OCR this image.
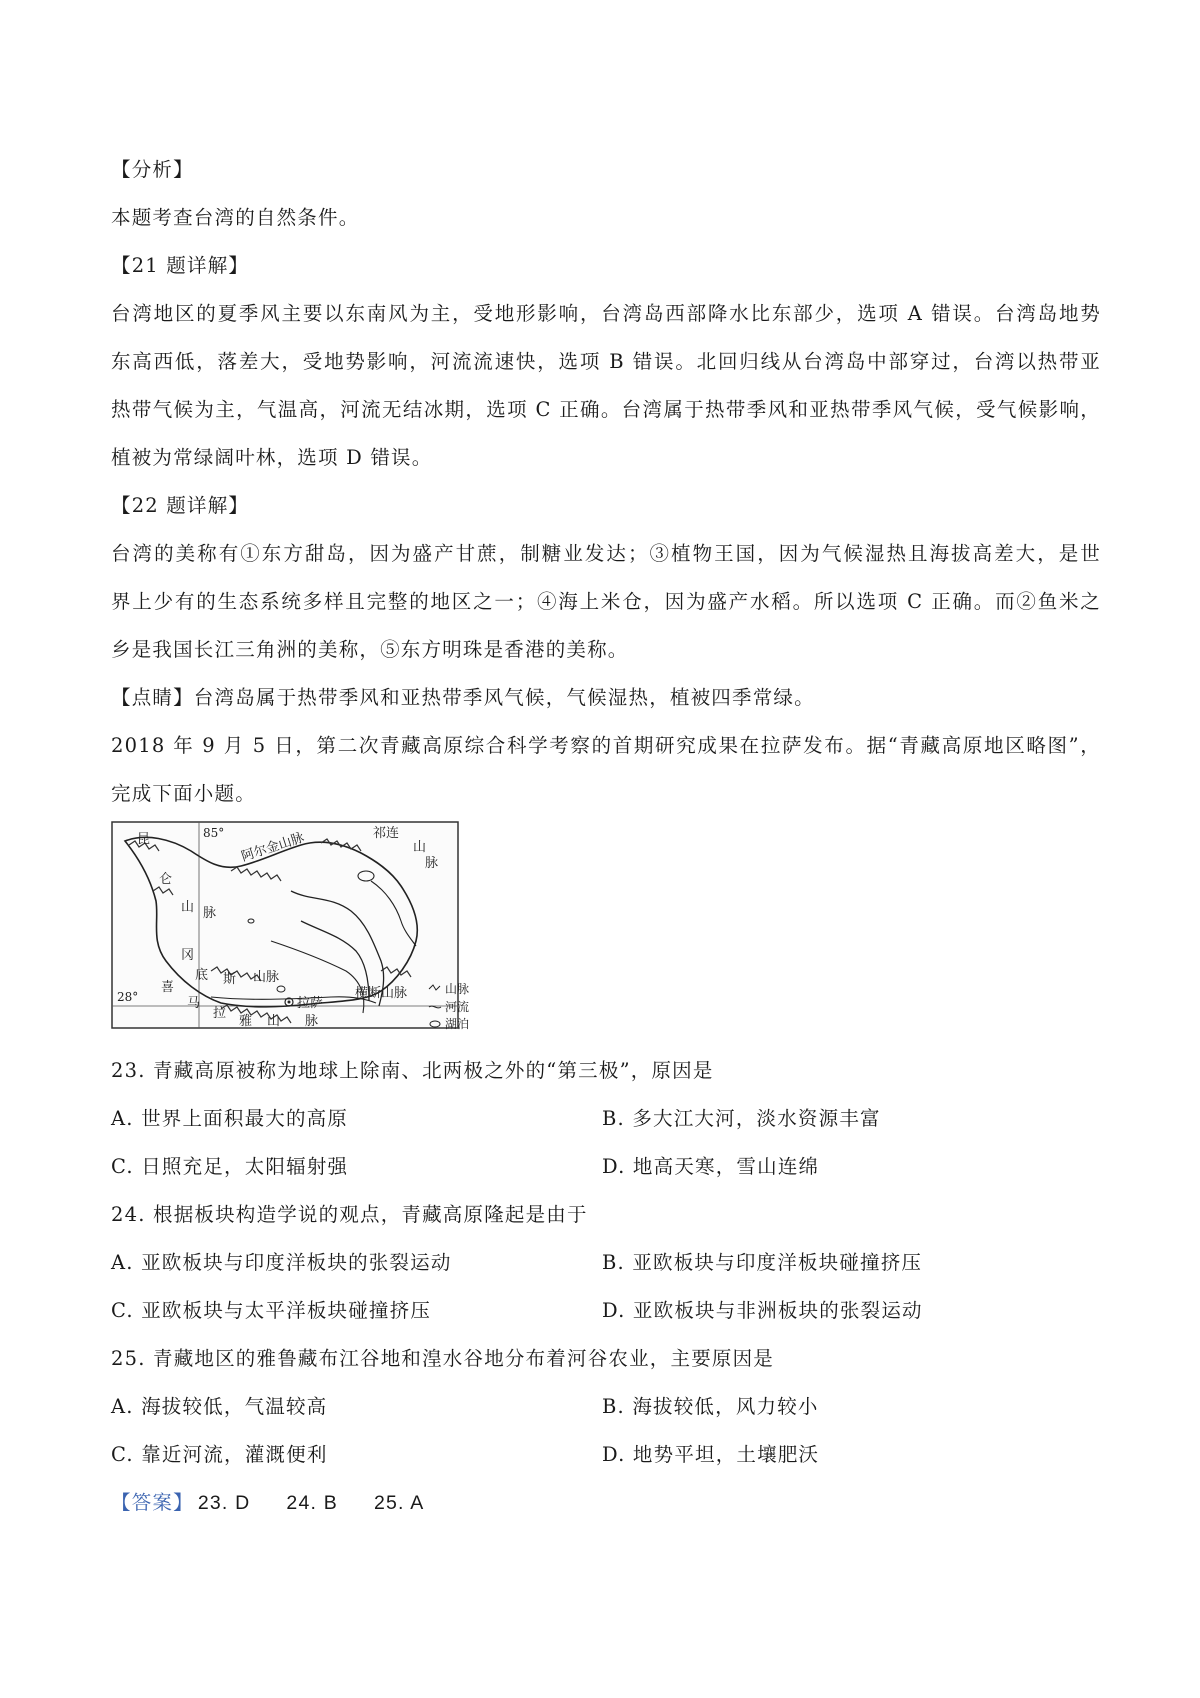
【分析】
本题考查台湾的自然条件。
【21 题详解】
台湾地区的夏季风主要以东南风为主，受地形影响，台湾岛西部降水比东部少，选项 A 错误。台湾岛地势
东高西低，落差大，受地势影响，河流流速快，选项 B 错误。北回归线从台湾岛中部穿过，台湾以热带亚
热带气候为主，气温高，河流无结冰期，选项 C 正确。台湾属于热带季风和亚热带季风气候，受气候影响，
植被为常绿阔叶林，选项 D 错误。
【22 题详解】
台湾的美称有①东方甜岛，因为盛产甘蔗，制糖业发达；③植物王国，因为气候湿热且海拔高差大，是世
界上少有的生态系统多样且完整的地区之一；④海上米仓，因为盛产水稻。所以选项 C 正确。而②鱼米之
乡是我国长江三角洲的美称，⑤东方明珠是香港的美称。
【点睛】台湾岛属于热带季风和亚热带季风气候，气候湿热，植被四季常绿。
2018 年 9 月 5 日，第二次青藏高原综合科学考察的首期研究成果在拉萨发布。据“青藏高原地区略图”，
完成下面小题。
昆
仑
山 脉
85° 阿尔金山脉	祁连
山
脉
冈
底 斯 山脉
28°
喜
马
拉
雅 山 脉
横断山脉
拉萨
山脉
河流
湖泊
23. 青藏高原被称为地球上除南、北两极之外的“第三极”，原因是
A. 世界上面积最大的高原	B. 多大江大河，淡水资源丰富
C. 日照充足，太阳辐射强	D. 地高天寒，雪山连绵
24. 根据板块构造学说的观点，青藏高原隆起是由于
A. 亚欧板块与印度洋板块的张裂运动	B. 亚欧板块与印度洋板块碰撞挤压
C. 亚欧板块与太平洋板块碰撞挤压	D. 亚欧板块与非洲板块的张裂运动
25. 青藏地区的雅鲁藏布江谷地和湟水谷地分布着河谷农业，主要原因是
A. 海拔较低，气温较高	B. 海拔较低，风力较小
C. 靠近河流，灌溉便利	D. 地势平坦，土壤肥沃
【答案】 23. D 24. B 25. A
